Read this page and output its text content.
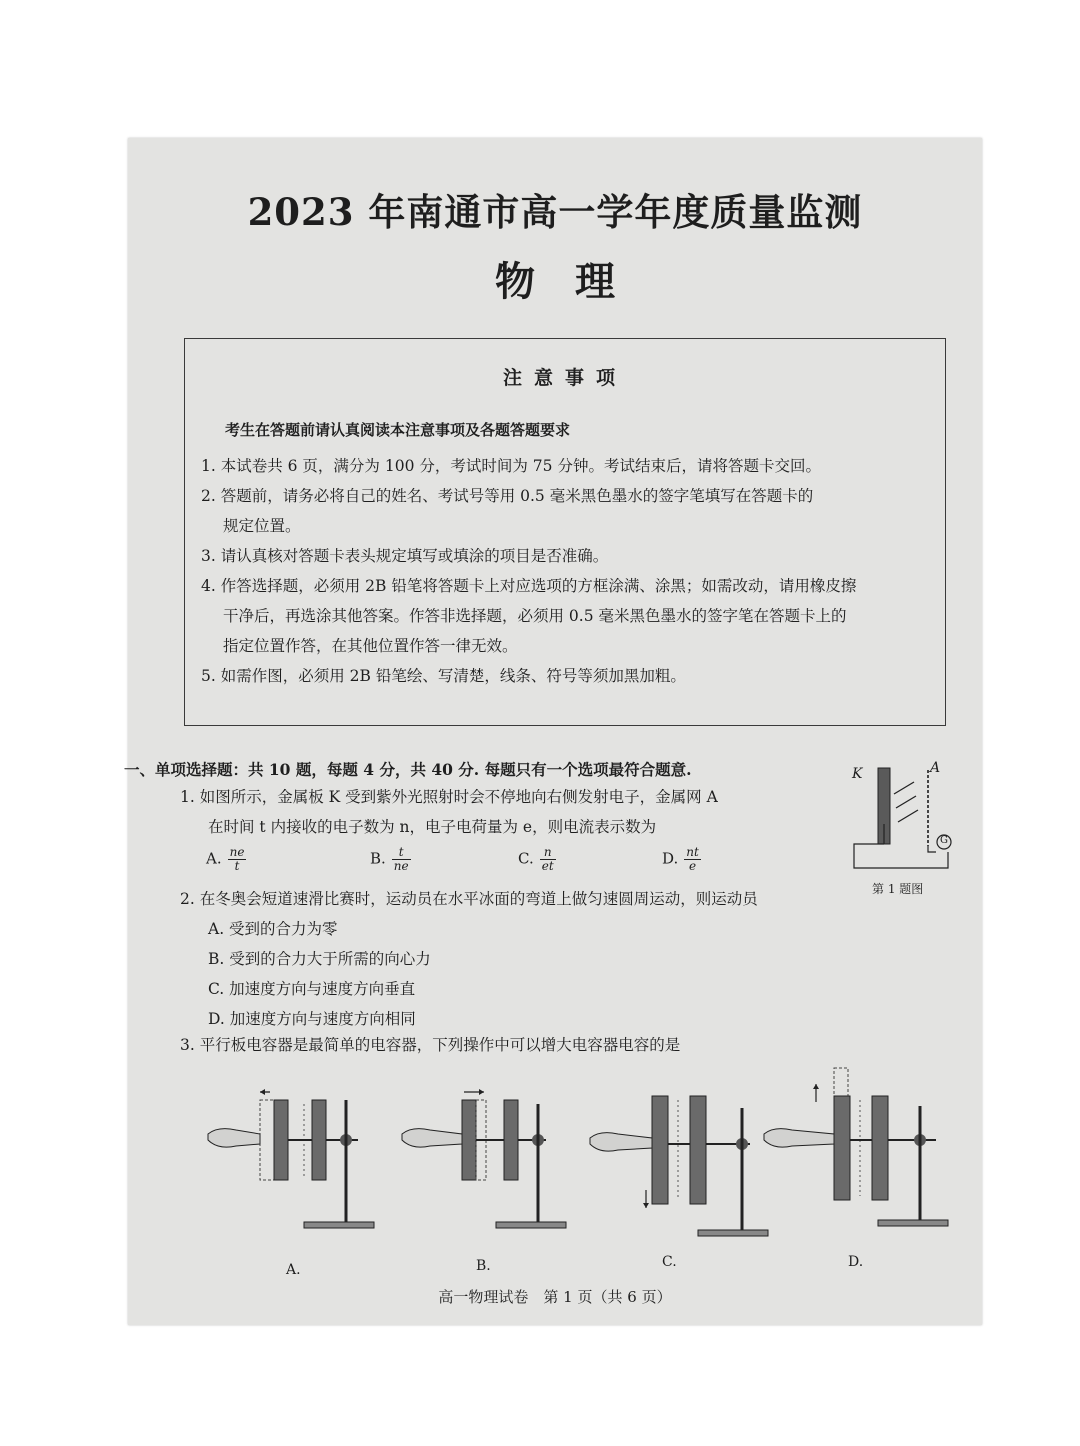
2023 年南通市高一学年度质量监测
物理
注意事项
考生在答题前请认真阅读本注意事项及各题答题要求

1. 本试卷共 6 页，满分为 100 分，考试时间为 75 分钟。考试结束后，请将答题卡交回。

2. 答题前，请务必将自己的姓名、考试号等用 0.5 毫米黑色墨水的签字笔填写在答题卡的

规定位置。

3. 请认真核对答题卡表头规定填写或填涂的项目是否准确。

4. 作答选择题，必须用 2B 铅笔将答题卡上对应选项的方框涂满、涂黑；如需改动，请用橡皮擦

干净后，再选涂其他答案。作答非选择题，必须用 0.5 毫米黑色墨水的签字笔在答题卡上的

指定位置作答，在其他位置作答一律无效。

5. 如需作图，必须用 2B 铅笔绘、写清楚，线条、符号等须加黑加粗。

一、单项选择题：共 10 题，每题 4 分，共 40 分. 每题只有一个选项最符合题意.
1. 如图所示，金属板 K 受到紫外光照射时会不停地向右侧发射电子，金属网 A
在时间 t 内接收的电子数为 n，电子电荷量为 e，则电流表示数为
A. $\frac{ne}{t}$	B. $\frac{t}{ne}$	C. $\frac{n}{et}$	D. $\frac{nt}{e}$
K	A
G
第 1 题图
2. 在冬奥会短道速滑比赛时，运动员在水平冰面的弯道上做匀速圆周运动，则运动员
A. 受到的合力为零
B. 受到的合力大于所需的向心力
C. 加速度方向与速度方向垂直
D. 加速度方向与速度方向相同
3. 平行板电容器是最简单的电容器，下列操作中可以增大电容器电容的是
A.	B.	C.	D.
高一物理试卷　第 1 页（共 6 页）
